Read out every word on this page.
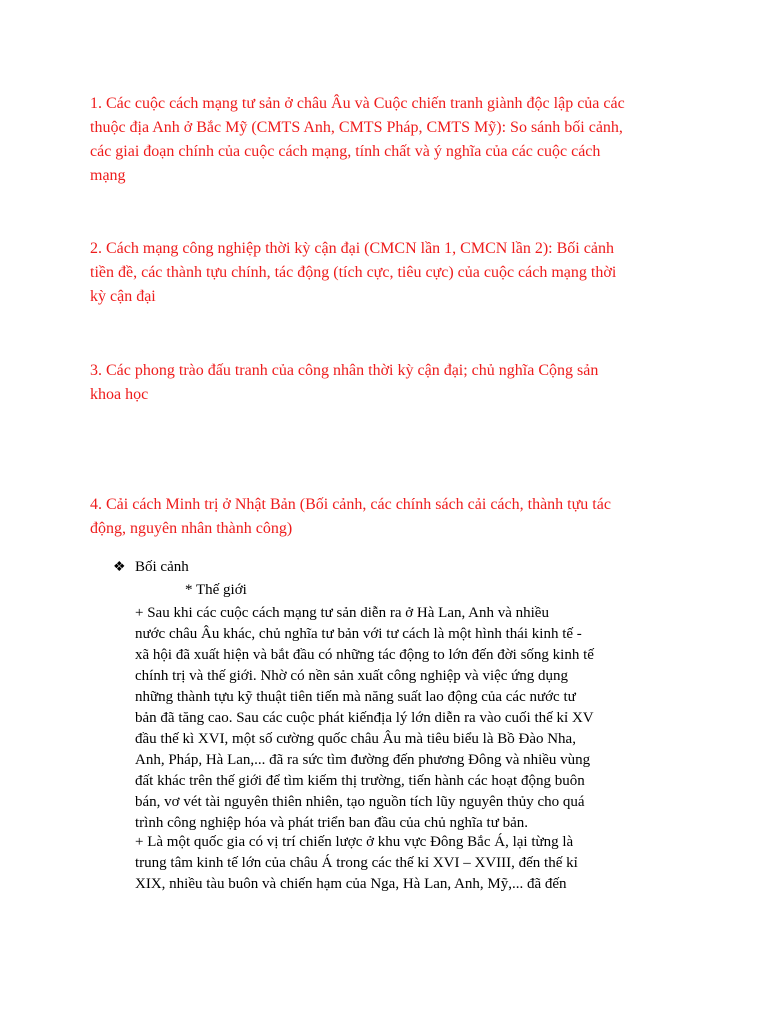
1. Các cuộc cách mạng tư sản ở châu Âu và Cuộc chiến tranh giành độc lập của các
thuộc địa Anh ở Bắc Mỹ (CMTS Anh, CMTS Pháp, CMTS Mỹ): So sánh bối cảnh,
các giai đoạn chính của cuộc cách mạng, tính chất và ý nghĩa của các cuộc cách
mạng

2. Cách mạng công nghiệp thời kỳ cận đại (CMCN lần 1, CMCN lần 2): Bối cảnh
tiền đề, các thành tựu chính, tác động (tích cực, tiêu cực) của cuộc cách mạng thời
kỳ cận đại

3. Các phong trào đấu tranh của công nhân thời kỳ cận đại; chủ nghĩa Cộng sản
khoa học

4. Cải cách Minh trị ở Nhật Bản (Bối cảnh, các chính sách cải cách, thành tựu tác
động, nguyên nhân thành công)

❖ Bối cảnh
* Thế giới
+ Sau khi các cuộc cách mạng tư sản diễn ra ở Hà Lan, Anh và nhiều
nước châu Âu khác, chủ nghĩa tư bản với tư cách là một hình thái kinh tế -
xã hội đã xuất hiện và bắt đầu có những tác động to lớn đến đời sống kinh tế
chính trị và thế giới. Nhờ có nền sản xuất công nghiệp và việc ứng dụng
những thành tựu kỹ thuật tiên tiến mà năng suất lao động của các nước tư
bản đã tăng cao. Sau các cuộc phát kiếnđịa lý lớn diễn ra vào cuối thế kỉ XV
đầu thế kì XVI, một số cường quốc châu Âu mà tiêu biểu là Bồ Đào Nha,
Anh, Pháp, Hà Lan,... đã ra sức tìm đường đến phương Đông và nhiều vùng
đất khác trên thế giới để tìm kiếm thị trường, tiến hành các hoạt động buôn
bán, vơ vét tài nguyên thiên nhiên, tạo nguồn tích lũy nguyên thủy cho quá
trình công nghiệp hóa và phát triển ban đầu của chủ nghĩa tư bản.
+ Là một quốc gia có vị trí chiến lược ở khu vực Đông Bắc Á, lại từng là
trung tâm kinh tế lớn của châu Á trong các thế kỉ XVI – XVIII, đến thế kỉ
XIX, nhiều tàu buôn và chiến hạm của Nga, Hà Lan, Anh, Mỹ,... đã đến
